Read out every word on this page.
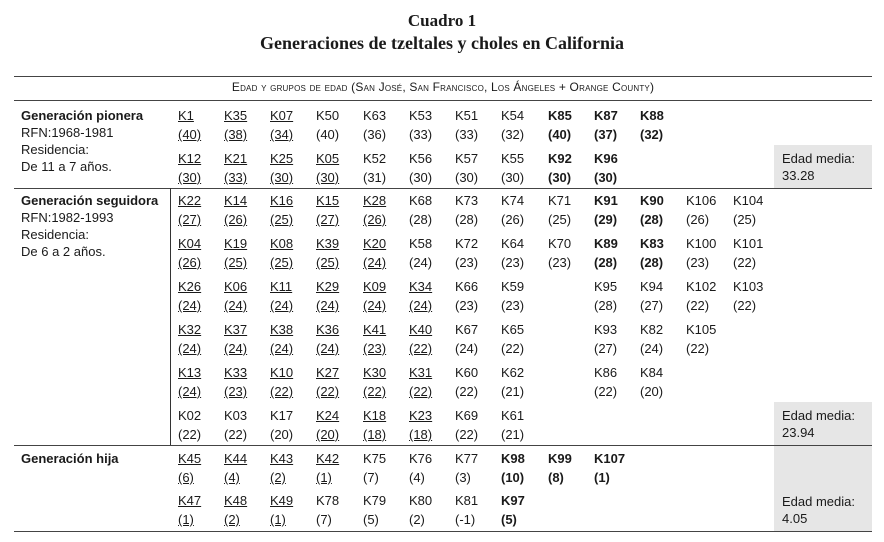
Cuadro 1
Generaciones de tzeltales y choles en California
Edad y grupos de edad (San José, San Francisco, Los Ángeles + Orange County)
Generación pionera
RFN:1968-1981
Residencia:
De 11 a 7 años.
Generación seguidora
RFN:1982-1993
Residencia:
De 6 a 2 años.
Generación hija
Edad media:
33.28
Edad media:
23.94
Edad media:
4.05
K1
(40)
K35
(38)
K07
(34)
K50
(40)
K63
(36)
K53
(33)
K51
(33)
K54
(32)
K85
(40)
K87
(37)
K88
(32)
K12
(30)
K21
(33)
K25
(30)
K05
(30)
K52
(31)
K56
(30)
K57
(30)
K55
(30)
K92
(30)
K96
(30)
K22
(27)
K14
(26)
K16
(25)
K15
(27)
K28
(26)
K68
(28)
K73
(28)
K74
(26)
K71
(25)
K91
(29)
K90
(28)
K106
(26)
K104
(25)
K04
(26)
K19
(25)
K08
(25)
K39
(25)
K20
(24)
K58
(24)
K72
(23)
K64
(23)
K70
(23)
K89
(28)
K83
(28)
K100
(23)
K101
(22)
K26
(24)
K06
(24)
K11
(24)
K29
(24)
K09
(24)
K34
(24)
K66
(23)
K59
(23)
K95
(28)
K94
(27)
K102
(22)
K103
(22)
K32
(24)
K37
(24)
K38
(24)
K36
(24)
K41
(23)
K40
(22)
K67
(24)
K65
(22)
K93
(27)
K82
(24)
K105
(22)
K13
(24)
K33
(23)
K10
(22)
K27
(22)
K30
(22)
K31
(22)
K60
(22)
K62
(21)
K86
(22)
K84
(20)
K02
(22)
K03
(22)
K17
(20)
K24
(20)
K18
(18)
K23
(18)
K69
(22)
K61
(21)
K45
(6)
K44
(4)
K43
(2)
K42
(1)
K75
(7)
K76
(4)
K77
(3)
K98
(10)
K99
(8)
K107
(1)
K47
(1)
K48
(2)
K49
(1)
K78
(7)
K79
(5)
K80
(2)
K81
(-1)
K97
(5)
